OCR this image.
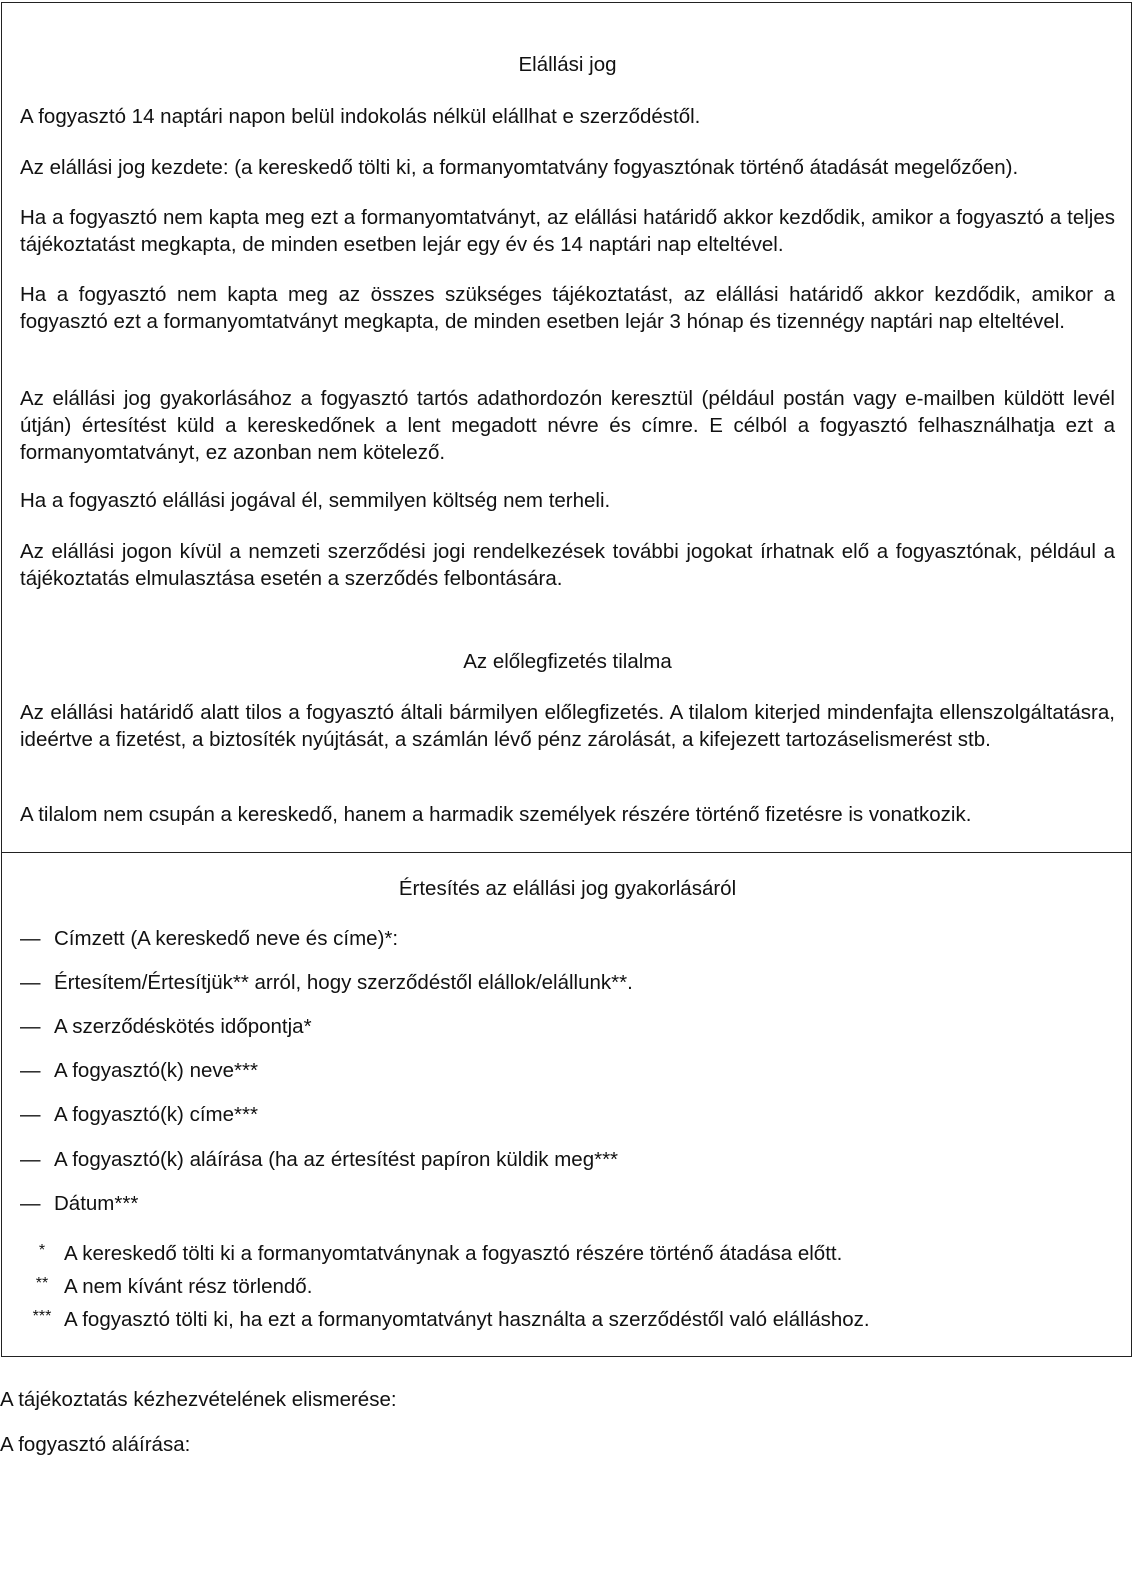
Elállási jog
A fogyasztó 14 naptári napon belül indokolás nélkül elállhat e szerződéstől.
Az elállási jog kezdete: (a kereskedő tölti ki, a formanyomtatvány fogyasztónak történő átadását megelőzően).
Ha a fogyasztó nem kapta meg ezt a formanyomtatványt, az elállási határidő akkor kezdődik, amikor a fogyasztó a teljes tájékoztatást megkapta, de minden esetben lejár egy év és 14 naptári nap elteltével.
Ha a fogyasztó nem kapta meg az összes szükséges tájékoztatást, az elállási határidő akkor kezdődik, amikor a fogyasztó ezt a formanyomtatványt megkapta, de minden esetben lejár 3 hónap és tizennégy naptári nap elteltével.
Az elállási jog gyakorlásához a fogyasztó tartós adathordozón keresztül (például postán vagy e-mailben küldött levél útján) értesítést küld a kereskedőnek a lent megadott névre és címre. E célból a fogyasztó felhasználhatja ezt a formanyomtatványt, ez azonban nem kötelező.
Ha a fogyasztó elállási jogával él, semmilyen költség nem terheli.
Az elállási jogon kívül a nemzeti szerződési jogi rendelkezések további jogokat írhatnak elő a fogyasztónak, például a tájékoztatás elmulasztása esetén a szerződés felbontására.
Az előlegfizetés tilalma
Az elállási határidő alatt tilos a fogyasztó általi bármilyen előlegfizetés. A tilalom kiterjed mindenfajta ellenszolgáltatásra, ideértve a fizetést, a biztosíték nyújtását, a számlán lévő pénz zárolását, a kifejezett tartozáselismerést stb.
A tilalom nem csupán a kereskedő, hanem a harmadik személyek részére történő fizetésre is vonatkozik.
Értesítés az elállási jog gyakorlásáról
— Címzett (A kereskedő neve és címe)*:
— Értesítem/Értesítjük** arról, hogy szerződéstől elállok/elállunk**.
— A szerződéskötés időpontja*
— A fogyasztó(k) neve***
— A fogyasztó(k) címe***
— A fogyasztó(k) aláírása (ha az értesítést papíron küldik meg***
— Dátum***
* A kereskedő tölti ki a formanyomtatványnak a fogyasztó részére történő átadása előtt.
** A nem kívánt rész törlendő.
*** A fogyasztó tölti ki, ha ezt a formanyomtatványt használta a szerződéstől való elálláshoz.
A tájékoztatás kézhezvételének elismerése:
A fogyasztó aláírása:
